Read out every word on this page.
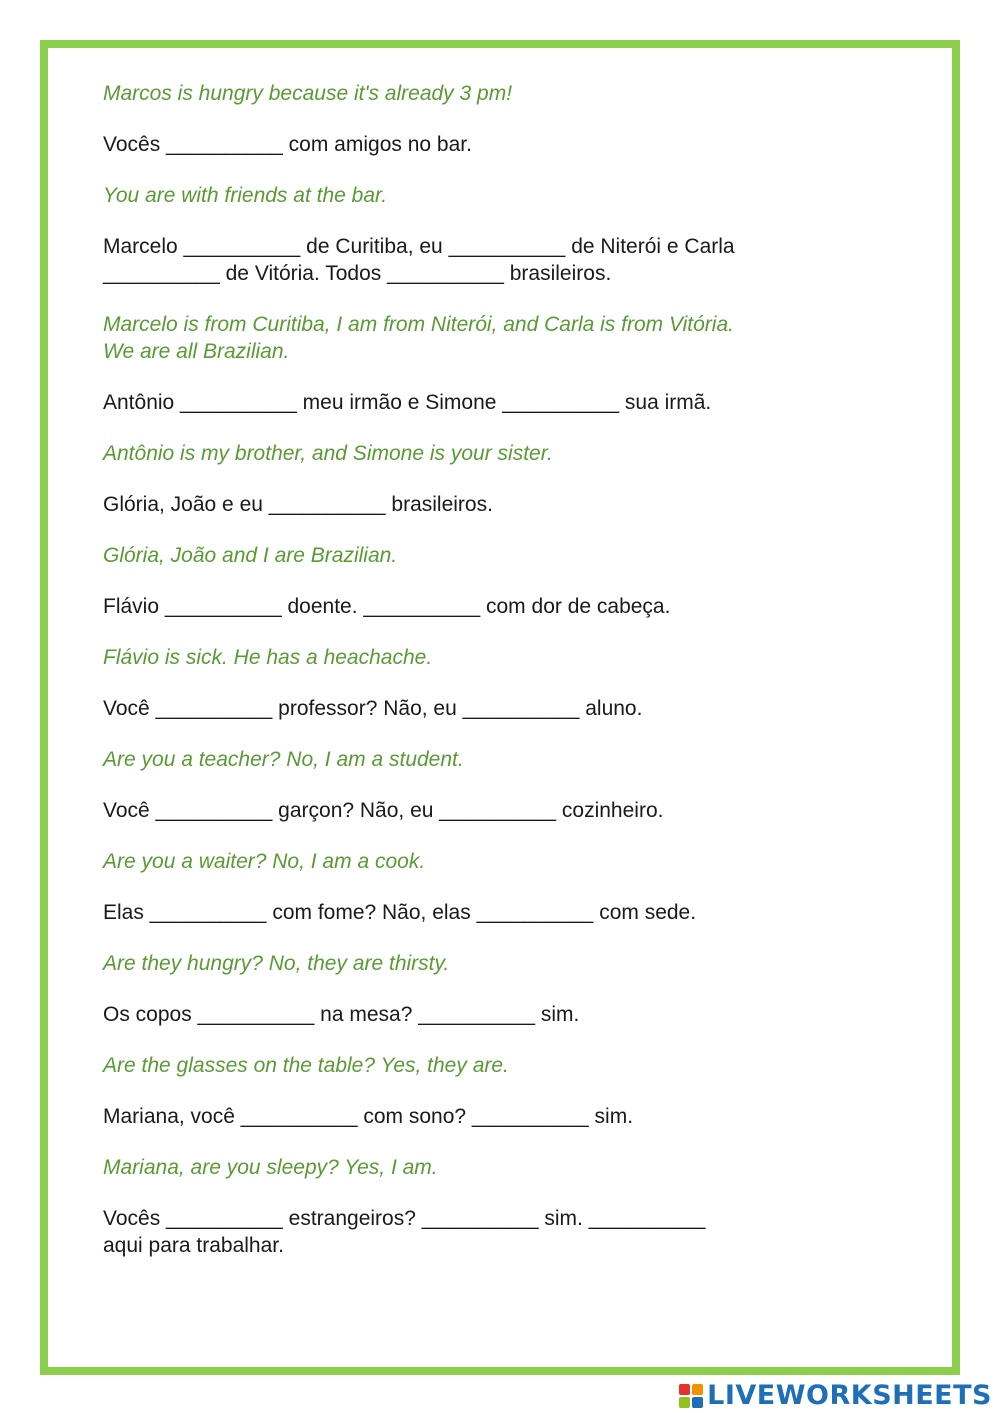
Marcos is hungry because it's already 3 pm!

Vocês __________ com amigos no bar.

You are with friends at the bar.

Marcelo __________ de Curitiba, eu __________ de Niterói e Carla

__________ de Vitória. Todos __________ brasileiros.

Marcelo is from Curitiba, I am from Niterói, and Carla is from Vitória.

We are all Brazilian.

Antônio __________ meu irmão e Simone __________ sua irmã.

Antônio is my brother, and Simone is your sister.

Glória, João e eu __________ brasileiros.

Glória, João and I are Brazilian.

Flávio __________ doente. __________ com dor de cabeça.

Flávio is sick. He has a heachache.

Você __________ professor? Não, eu __________ aluno.

Are you a teacher? No, I am a student.

Você __________ garçon? Não, eu __________ cozinheiro.

Are you a waiter? No, I am a cook.

Elas __________ com fome? Não, elas __________ com sede.

Are they hungry? No, they are thirsty.

Os copos __________ na mesa? __________ sim.

Are the glasses on the table? Yes, they are.

Mariana, você __________ com sono? __________ sim.

Mariana, are you sleepy? Yes, I am.

Vocês __________ estrangeiros? __________ sim. __________

aqui para trabalhar.

LIVEWORKSHEETS
